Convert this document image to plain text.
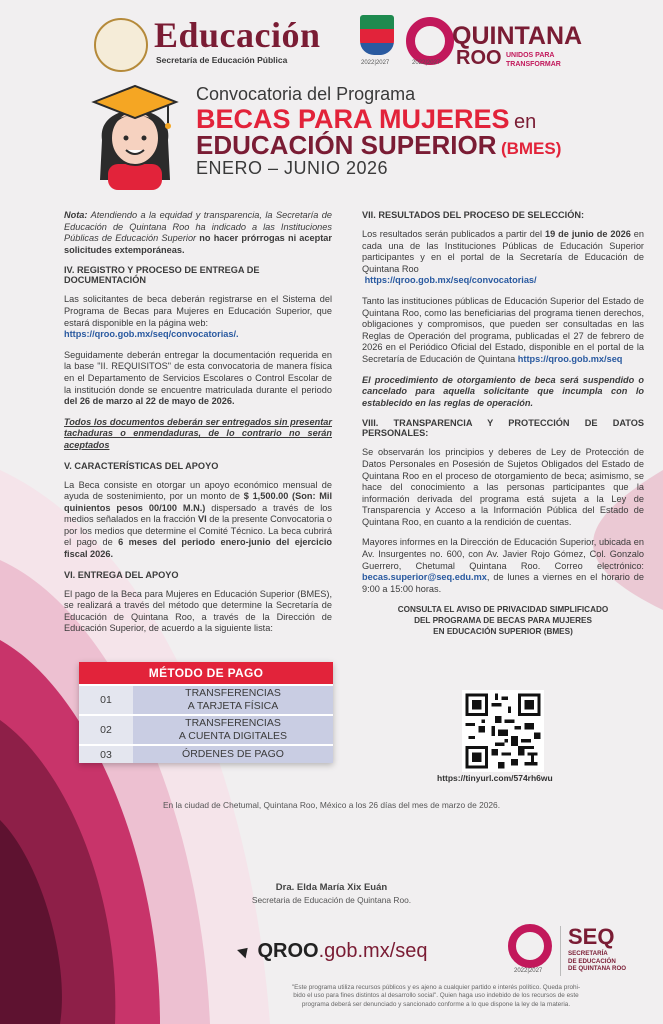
Educación
Secretaría de Educación Pública	2022|2027	2022|2027
QUINTANA
ROO UNIDOS PARA
TRANSFORMAR
Convocatoria del Programa
BECAS PARA MUJERES en
EDUCACIÓN SUPERIOR (BMES)
ENERO – JUNIO 2026

Nota: Atendiendo a la equidad y transparencia, la Secretaría de Educación de Quintana Roo ha indicado a las Instituciones Públicas de Educación Superior no hacer prórrogas ni aceptar solicitudes extemporáneas.

IV. REGISTRO Y PROCESO DE ENTREGA DE DOCUMENTACIÓN

Las solicitantes de beca deberán registrarse en el Sistema del Programa de Becas para Mujeres en Educación Superior, que estará disponible en la página web:
https://qroo.gob.mx/seq/convocatorias/.

Seguidamente deberán entregar la documentación requerida en la base "II. REQUISITOS" de esta convocatoria de manera física en el Departamento de Servicios Escolares o Control Escolar de la institución donde se encuentre matriculada durante el periodo del 26 de marzo al 22 de mayo de 2026.

Todos los documentos deberán ser entregados sin presentar tachaduras o enmendaduras, de lo contrario no serán aceptados

V. CARACTERÍSTICAS DEL APOYO

La Beca consiste en otorgar un apoyo económico mensual de ayuda de sostenimiento, por un monto de $ 1,500.00 (Son: Mil quinientos pesos 00/100 M.N.) dispersado a través de los medios señalados en la fracción VI de la presente Convocatoria o por los medios que determine el Comité Técnico. La beca cubrirá el pago de 6 meses del periodo enero-junio del ejercicio fiscal 2026.

VI. ENTREGA DEL APOYO

El pago de la Beca para Mujeres en Educación Superior (BMES), se realizará a través del método que determine la Secretaría de Educación de Quintana Roo, a través de la Dirección de Educación Superior, de acuerdo a la siguiente lista:

MÉTODO DE PAGO	
01	TRANSFERENCIAS
A TARJETA FÍSICA
02	TRANSFERENCIAS
A CUENTA DIGITALES
03	ÓRDENES DE PAGO
VII. RESULTADOS DEL PROCESO DE SELECCIÓN:

Los resultados serán publicados a partir del 19 de junio de 2026 en cada una de las Instituciones Públicas de Educación Superior participantes y en el portal de la Secretaría de Educación de Quintana Roo
https://qroo.gob.mx/seq/convocatorias/

Tanto las instituciones públicas de Educación Superior del Estado de Quintana Roo, como las beneficiarias del programa tienen derechos, obligaciones y compromisos, que pueden ser consultadas en las Reglas de Operación del programa, publicadas el 27 de febrero de 2026 en el Periódico Oficial del Estado, disponible en el portal de la Secretaría de Educación de Quintana https://qroo.gob.mx/seq

El procedimiento de otorgamiento de beca será suspendido o cancelado para aquella solicitante que incumpla con lo establecido en las reglas de operación.

VIII. TRANSPARENCIA Y PROTECCIÓN DE DATOS PERSONALES:

Se observarán los principios y deberes de Ley de Protección de Datos Personales en Posesión de Sujetos Obligados del Estado de Quintana Roo en el proceso de otorgamiento de beca; asimismo, se hace del conocimiento a las personas participantes que la información derivada del programa está sujeta a la Ley de Transparencia y Acceso a la Información Pública del Estado de Quintana Roo, en cuanto a la rendición de cuentas.

Mayores informes en la Dirección de Educación Superior, ubicada en Av. Insurgentes no. 600, con Av. Javier Rojo Gómez, Col. Gonzalo Guerrero, Chetumal Quintana Roo. Correo electrónico: becas.superior@seq.edu.mx, de lunes a viernes en el horario de 9:00 a 15:00 horas.

CONSULTA EL AVISO DE PRIVACIDAD SIMPLIFICADO
DEL PROGRAMA DE BECAS PARA MUJERES
EN EDUCACIÓN SUPERIOR (BMES)
https://tinyurl.com/574rh6wu
En la ciudad de Chetumal, Quintana Roo, México a los 26 días del mes de marzo de 2026.
Dra. Elda María Xix Euán
Secretaria de Educación de Quintana Roo.
QROO.gob.mx/seq
2022|2027
SEQ
SECRETARÍA
DE EDUCACIÓN
DE QUINTANA ROO
"Este programa utiliza recursos públicos y es ajeno a cualquier partido e interés político. Queda prohi-
bido el uso para fines distintos al desarrollo social". Quien haga uso indebido de los recursos de este
programa deberá ser denunciado y sancionado conforme a lo que dispone la ley de la materia.
